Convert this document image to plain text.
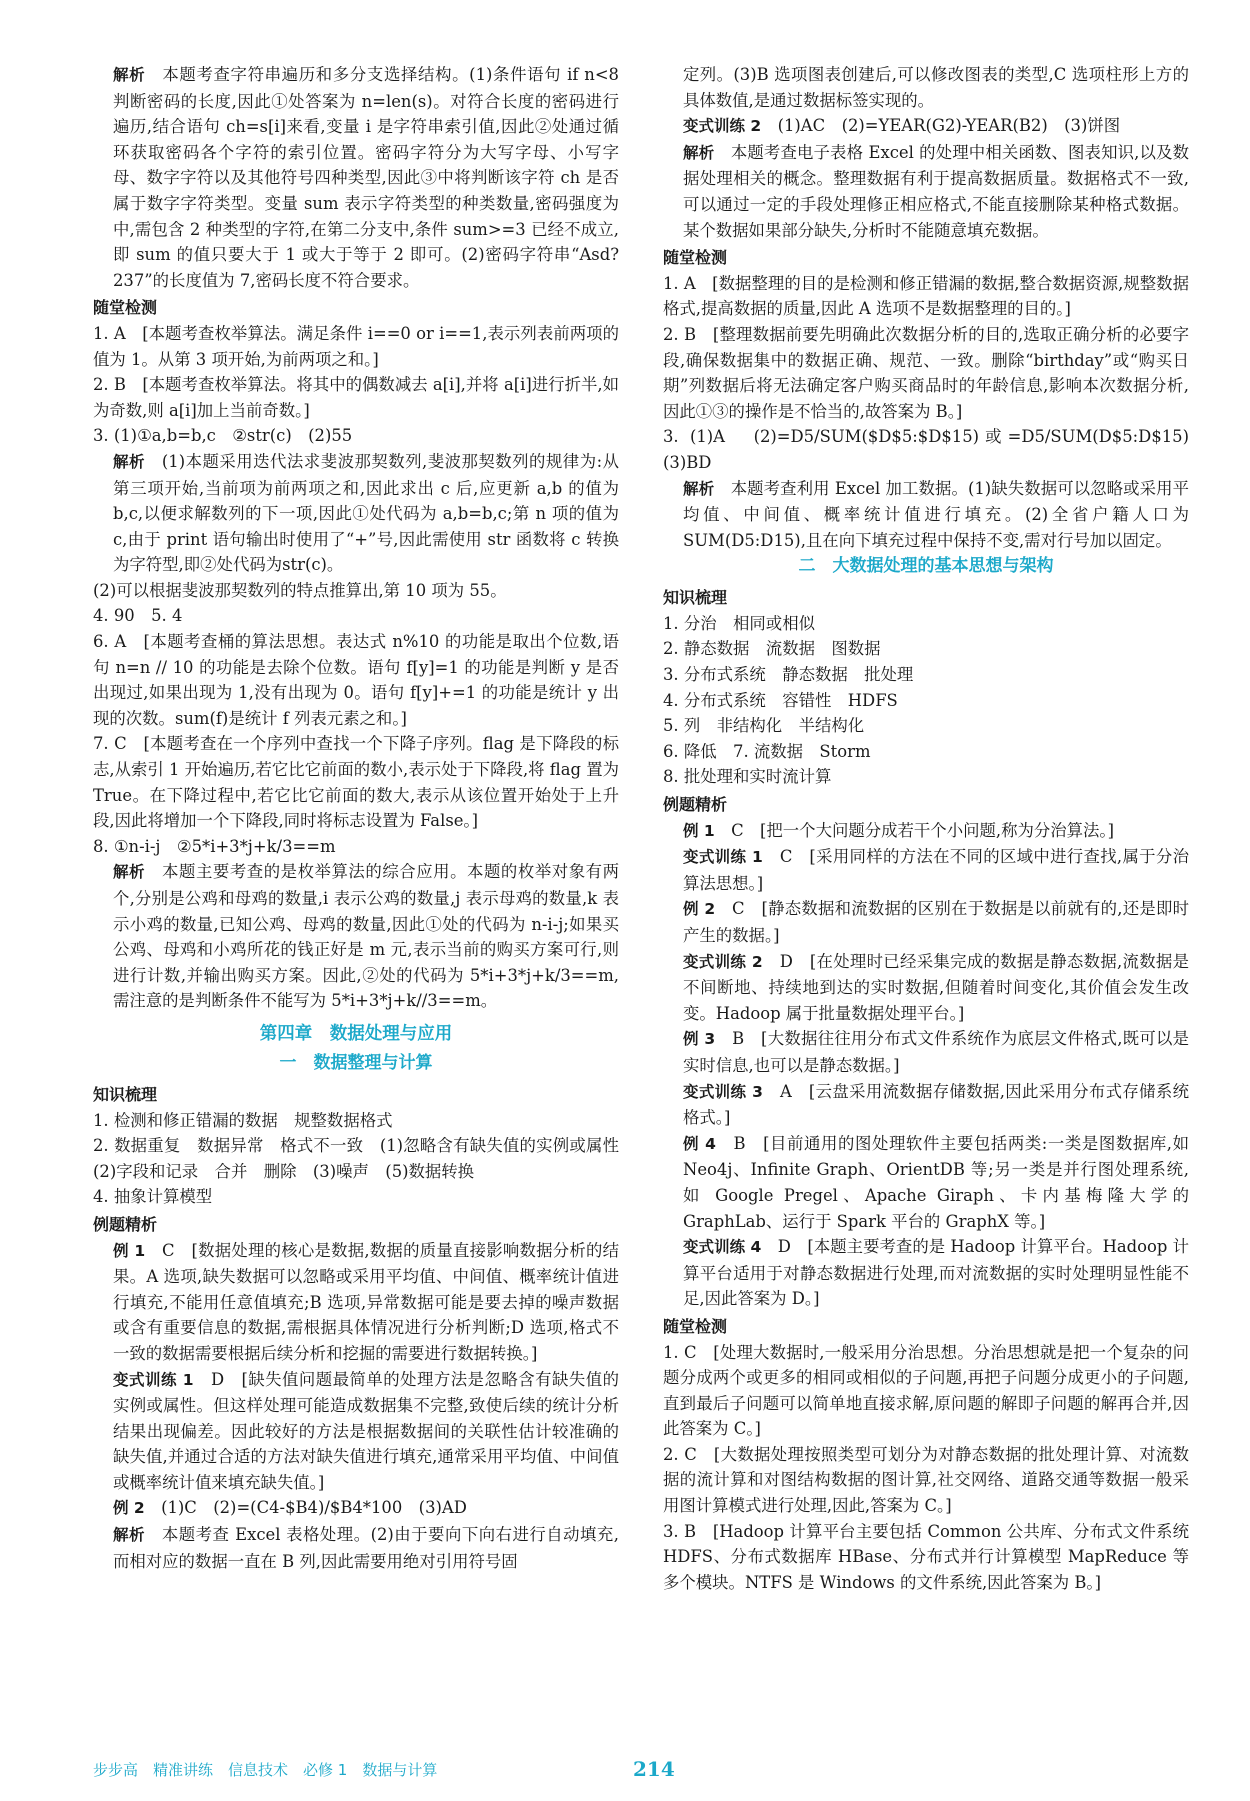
解析　本题考查字符串遍历和多分支选择结构。(1)条件语句 if n<8 判断密码的长度,因此①处答案为 n=len(s)。对符合长度的密码进行遍历,结合语句 ch=s[i]来看,变量 i 是字符串索引值,因此②处通过循环获取密码各个字符的索引位置。密码字符分为大写字母、小写字母、数字字符以及其他符号四种类型,因此③中将判断该字符 ch 是否属于数字字符类型。变量 sum 表示字符类型的种类数量,密码强度为中,需包含 2 种类型的字符,在第二分支中,条件 sum>=3 已经不成立,即 sum 的值只要大于 1 或大于等于 2 即可。(2)密码字符串“Asd?237”的长度值为 7,密码长度不符合要求。

随堂检测

1. A　[本题考查枚举算法。满足条件 i==0 or i==1,表示列表前两项的值为 1。从第 3 项开始,为前两项之和。]

2. B　[本题考查枚举算法。将其中的偶数减去 a[i],并将 a[i]进行折半,如为奇数,则 a[i]加上当前奇数。]

3. (1)①a,b=b,c　②str(c)　(2)55

解析　(1)本题采用迭代法求斐波那契数列,斐波那契数列的规律为:从第三项开始,当前项为前两项之和,因此求出 c 后,应更新 a,b 的值为 b,c,以便求解数列的下一项,因此①处代码为 a,b=b,c;第 n 项的值为 c,由于 print 语句输出时使用了“+”号,因此需使用 str 函数将 c 转换为字符型,即②处代码为str(c)。

(2)可以根据斐波那契数列的特点推算出,第 10 项为 55。

4. 90　5. 4

6. A　[本题考查桶的算法思想。表达式 n%10 的功能是取出个位数,语句 n=n // 10 的功能是去除个位数。语句 f[y]=1 的功能是判断 y 是否出现过,如果出现为 1,没有出现为 0。语句 f[y]+=1 的功能是统计 y 出现的次数。sum(f)是统计 f 列表元素之和。]

7. C　[本题考查在一个序列中查找一个下降子序列。flag 是下降段的标志,从索引 1 开始遍历,若它比它前面的数小,表示处于下降段,将 flag 置为 True。在下降过程中,若它比它前面的数大,表示从该位置开始处于上升段,因此将增加一个下降段,同时将标志设置为 False。]

8. ①n-i-j　②5*i+3*j+k/3==m

解析　本题主要考查的是枚举算法的综合应用。本题的枚举对象有两个,分别是公鸡和母鸡的数量,i 表示公鸡的数量,j 表示母鸡的数量,k 表示小鸡的数量,已知公鸡、母鸡的数量,因此①处的代码为 n-i-j;如果买公鸡、母鸡和小鸡所花的钱正好是 m 元,表示当前的购买方案可行,则进行计数,并输出购买方案。因此,②处的代码为 5*i+3*j+k/3==m,需注意的是判断条件不能写为 5*i+3*j+k//3==m。

第四章　数据处理与应用
一　数据整理与计算
知识梳理

1. 检测和修正错漏的数据　规整数据格式

2. 数据重复　数据异常　格式不一致　(1)忽略含有缺失值的实例或属性　(2)字段和记录　合并　删除　(3)噪声　(5)数据转换

4. 抽象计算模型

例题精析

例 1　C　[数据处理的核心是数据,数据的质量直接影响数据分析的结果。A 选项,缺失数据可以忽略或采用平均值、中间值、概率统计值进行填充,不能用任意值填充;B 选项,异常数据可能是要去掉的噪声数据或含有重要信息的数据,需根据具体情况进行分析判断;D 选项,格式不一致的数据需要根据后续分析和挖掘的需要进行数据转换。]

变式训练 1　D　[缺失值问题最简单的处理方法是忽略含有缺失值的实例或属性。但这样处理可能造成数据集不完整,致使后续的统计分析结果出现偏差。因此较好的方法是根据数据间的关联性估计较准确的缺失值,并通过合适的方法对缺失值进行填充,通常采用平均值、中间值或概率统计值来填充缺失值。]

例 2　(1)C　(2)=(C4-$B4)/$B4*100　(3)AD

解析　本题考查 Excel 表格处理。(2)由于要向下向右进行自动填充,而相对应的数据一直在 B 列,因此需要用绝对引用符号固

定列。(3)B 选项图表创建后,可以修改图表的类型,C 选项柱形上方的具体数值,是通过数据标签实现的。

变式训练 2　(1)AC　(2)=YEAR(G2)-YEAR(B2)　(3)饼图

解析　本题考查电子表格 Excel 的处理中相关函数、图表知识,以及数据处理相关的概念。整理数据有利于提高数据质量。数据格式不一致,可以通过一定的手段处理修正相应格式,不能直接删除某种格式数据。某个数据如果部分缺失,分析时不能随意填充数据。

随堂检测

1. A　[数据整理的目的是检测和修正错漏的数据,整合数据资源,规整数据格式,提高数据的质量,因此 A 选项不是数据整理的目的。]

2. B　[整理数据前要先明确此次数据分析的目的,选取正确分析的必要字段,确保数据集中的数据正确、规范、一致。删除“birthday”或“购买日期”列数据后将无法确定客户购买商品时的年龄信息,影响本次数据分析,因此①③的操作是不恰当的,故答案为 B。]

3. (1)A　(2)=D5/SUM($D$5:$D$15)或=D5/SUM(D$5:D$15)　(3)BD

解析　本题考查利用 Excel 加工数据。(1)缺失数据可以忽略或采用平均值、中间值、概率统计值进行填充。(2)全省户籍人口为 SUM(D5:D15),且在向下填充过程中保持不变,需对行号加以固定。

二　大数据处理的基本思想与架构
知识梳理

1. 分治　相同或相似

2. 静态数据　流数据　图数据

3. 分布式系统　静态数据　批处理

4. 分布式系统　容错性　HDFS

5. 列　非结构化　半结构化

6. 降低　7. 流数据　Storm

8. 批处理和实时流计算

例题精析

例 1　C　[把一个大问题分成若干个小问题,称为分治算法。]

变式训练 1　C　[采用同样的方法在不同的区域中进行查找,属于分治算法思想。]

例 2　C　[静态数据和流数据的区别在于数据是以前就有的,还是即时产生的数据。]

变式训练 2　D　[在处理时已经采集完成的数据是静态数据,流数据是不间断地、持续地到达的实时数据,但随着时间变化,其价值会发生改变。Hadoop 属于批量数据处理平台。]

例 3　B　[大数据往往用分布式文件系统作为底层文件格式,既可以是实时信息,也可以是静态数据。]

变式训练 3　A　[云盘采用流数据存储数据,因此采用分布式存储系统格式。]

例 4　B　[目前通用的图处理软件主要包括两类:一类是图数据库,如 Neo4j、Infinite Graph、OrientDB 等;另一类是并行图处理系统,如 Google Pregel、Apache Giraph、卡内基梅隆大学的 GraphLab、运行于 Spark 平台的 GraphX 等。]

变式训练 4　D　[本题主要考查的是 Hadoop 计算平台。Hadoop 计算平台适用于对静态数据进行处理,而对流数据的实时处理明显性能不足,因此答案为 D。]

随堂检测

1. C　[处理大数据时,一般采用分治思想。分治思想就是把一个复杂的问题分成两个或更多的相同或相似的子问题,再把子问题分成更小的子问题,直到最后子问题可以简单地直接求解,原问题的解即子问题的解再合并,因此答案为 C。]

2. C　[大数据处理按照类型可划分为对静态数据的批处理计算、对流数据的流计算和对图结构数据的图计算,社交网络、道路交通等数据一般采用图计算模式进行处理,因此,答案为 C。]

3. B　[Hadoop 计算平台主要包括 Common 公共库、分布式文件系统 HDFS、分布式数据库 HBase、分布式并行计算模型 MapReduce 等多个模块。NTFS 是 Windows 的文件系统,因此答案为 B。]

步步高　精准讲练　信息技术　必修 1　数据与计算	214
